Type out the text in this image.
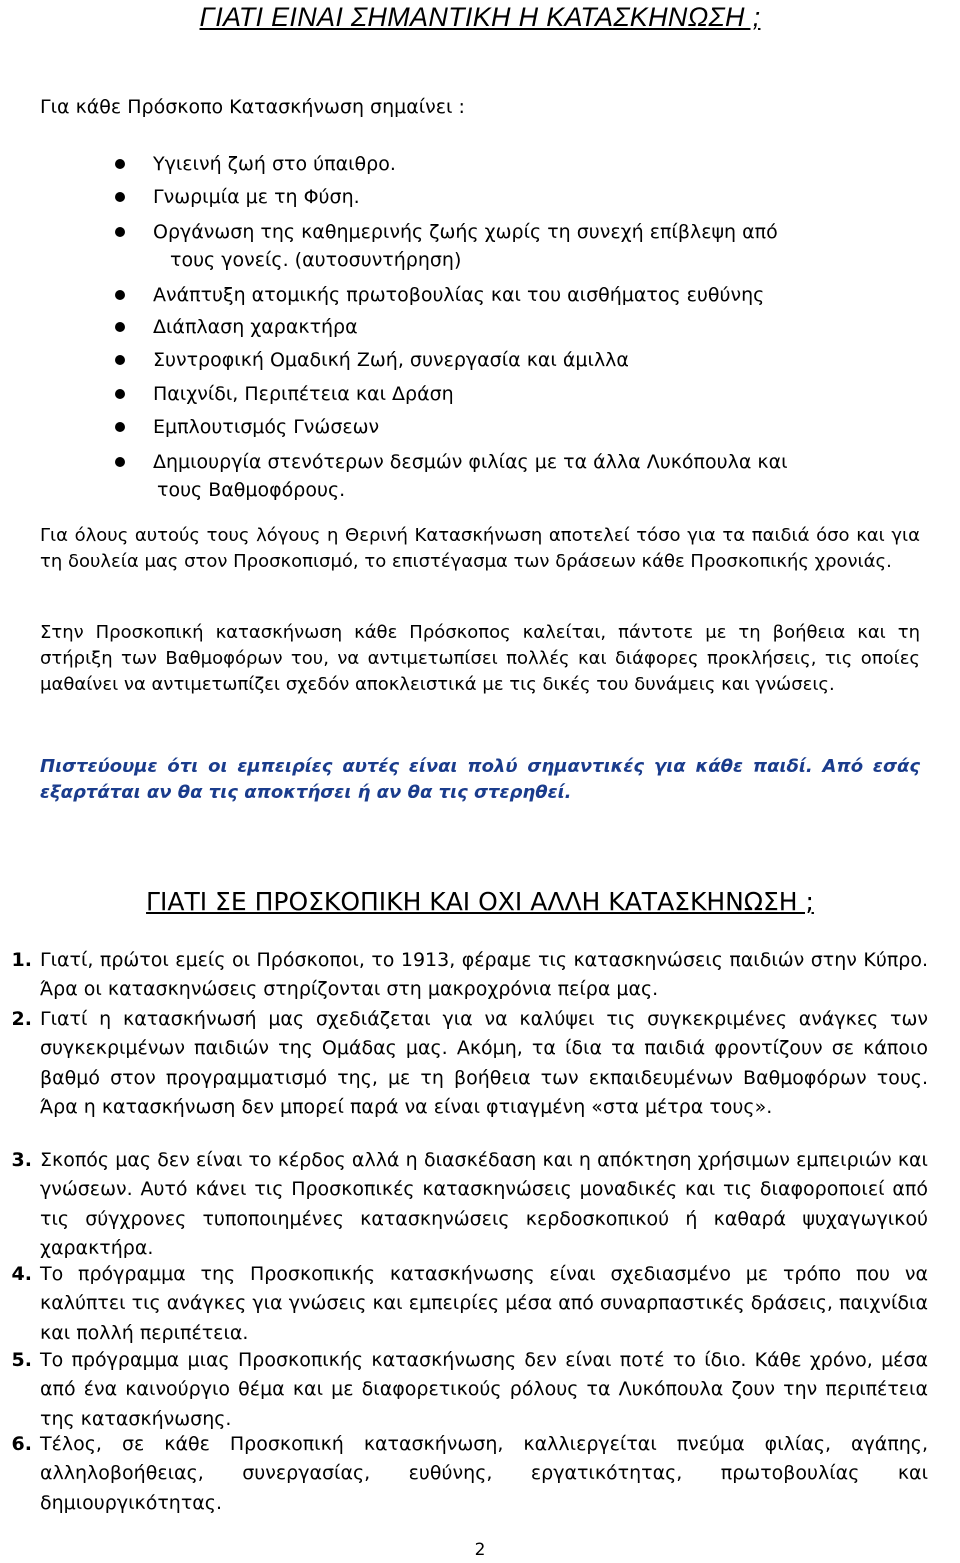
ΓΙΑΤΙ ΕΙΝΑΙ ΣΗΜΑΝΤΙΚΗ Η ΚΑΤΑΣΚΗΝΩΣΗ ;
Για κάθε Πρόσκοπο Κατασκήνωση σημαίνει :
Υγιεινή ζωή στο ύπαιθρο.
Γνωριμία με τη Φύση.
Οργάνωση της καθημερινής ζωής χωρίς τη συνεχή επίβλεψη από
τους γονείς. (αυτοσυντήρηση)
Ανάπτυξη ατομικής πρωτοβουλίας και του αισθήματος ευθύνης
Διάπλαση χαρακτήρα
Συντροφική Ομαδική Ζωή, συνεργασία και άμιλλα
Παιχνίδι, Περιπέτεια και Δράση
Εμπλουτισμός Γνώσεων
Δημιουργία στενότερων δεσμών φιλίας με τα άλλα Λυκόπουλα και
τους Βαθμοφόρους.

Για όλους αυτούς τους λόγους η Θερινή Κατασκήνωση αποτελεί τόσο για τα παιδιά όσο και για τη δουλεία μας στον Προσκοπισμό, το επιστέγασμα των δράσεων κάθε Προσκοπικής χρονιάς.

Στην Προσκοπική κατασκήνωση κάθε Πρόσκοπος καλείται, πάντοτε με τη βοήθεια και τη στήριξη των Βαθμοφόρων του, να αντιμετωπίσει πολλές και διάφορες προκλήσεις, τις οποίες μαθαίνει να αντιμετωπίζει σχεδόν αποκλειστικά με τις δικές του δυνάμεις και γνώσεις.

Πιστεύουμε ότι οι εμπειρίες αυτές είναι πολύ σημαντικές για κάθε παιδί. Από εσάς εξαρτάται αν θα τις αποκτήσει ή αν θα τις στερηθεί.

ΓΙΑΤΙ ΣΕ ΠΡΟΣΚΟΠΙΚΗ ΚΑΙ ΟΧΙ ΑΛΛΗ ΚΑΤΑΣΚΗΝΩΣΗ ;
1. Γιατί, πρώτοι εμείς οι Πρόσκοποι, το 1913, φέραμε τις κατασκηνώσεις παιδιών στην Κύπρο. Άρα οι κατασκηνώσεις στηρίζονται στη μακροχρόνια πείρα μας.

2. Γιατί η κατασκήνωσή μας σχεδιάζεται για να καλύψει τις συγκεκριμένες ανάγκες των συγκεκριμένων παιδιών της Ομάδας μας. Ακόμη, τα ίδια τα παιδιά φροντίζουν σε κάποιο βαθμό στον προγραμματισμό της, με τη βοήθεια των εκπαιδευμένων Βαθμοφόρων τους. Άρα η κατασκήνωση δεν μπορεί παρά να είναι φτιαγμένη «στα μέτρα τους».

3. Σκοπός μας δεν είναι το κέρδος αλλά η διασκέδαση και η απόκτηση χρήσιμων εμπειριών και γνώσεων. Αυτό κάνει τις Προσκοπικές κατασκηνώσεις μοναδικές και τις διαφοροποιεί από τις σύγχρονες τυποποιημένες κατασκηνώσεις κερδοσκοπικού ή καθαρά ψυχαγωγικού χαρακτήρα.

4. Το πρόγραμμα της Προσκοπικής κατασκήνωσης είναι σχεδιασμένο με τρόπο που να καλύπτει τις ανάγκες για γνώσεις και εμπειρίες μέσα από συναρπαστικές δράσεις, παιχνίδια και πολλή περιπέτεια.

5. Το πρόγραμμα μιας Προσκοπικής κατασκήνωσης δεν είναι ποτέ το ίδιο. Κάθε χρόνο, μέσα από ένα καινούργιο θέμα και με διαφορετικούς ρόλους τα Λυκόπουλα ζουν την περιπέτεια της κατασκήνωσης.

6. Τέλος, σε κάθε Προσκοπική κατασκήνωση, καλλιεργείται πνεύμα φιλίας, αγάπης, αλληλοβοήθειας, συνεργασίας, ευθύνης, εργατικότητας, πρωτοβουλίας και δημιουργικότητας.

2
